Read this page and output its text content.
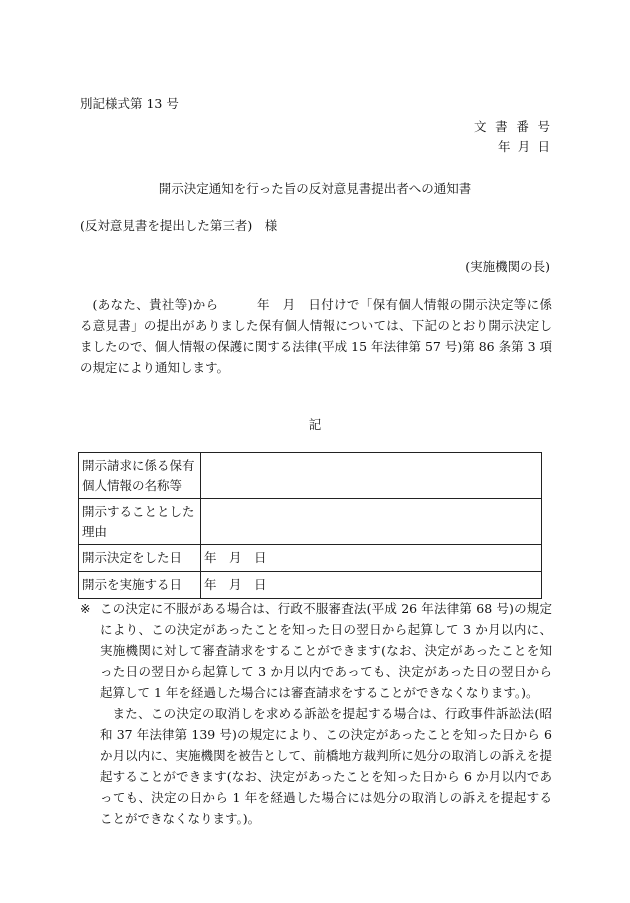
別記様式第 13 号
文書番号
年月日
開示決定通知を行った旨の反対意見書提出者への通知書
(反対意見書を提出した第三者)　様
(実施機関の長)
(あなた、貴社等)から　　　年　月　日付けで「保有個人情報の開示決定等に係る意見書」の提出がありました保有個人情報については、下記のとおり開示決定しましたので、個人情報の保護に関する法律(平成 15 年法律第 57 号)第 86 条第 3 項の規定により通知します。
記
開示請求に係る保有個人情報の名称等	
開示することとした理由	
開示決定をした日	年　月　日
開示を実施する日	年　月　日
※ この決定に不服がある場合は、行政不服審査法(平成 26 年法律第 68 号)の規定により、この決定があったことを知った日の翌日から起算して 3 か月以内に、実施機関に対して審査請求をすることができます(なお、決定があったことを知った日の翌日から起算して 3 か月以内であっても、決定があった日の翌日から起算して 1 年を経過した場合には審査請求をすることができなくなります。)。
また、この決定の取消しを求める訴訟を提起する場合は、行政事件訴訟法(昭和 37 年法律第 139 号)の規定により、この決定があったことを知った日から 6 か月以内に、実施機関を被告として、前橋地方裁判所に処分の取消しの訴えを提起することができます(なお、決定があったことを知った日から 6 か月以内であっても、決定の日から 1 年を経過した場合には処分の取消しの訴えを提起することができなくなります。)。
